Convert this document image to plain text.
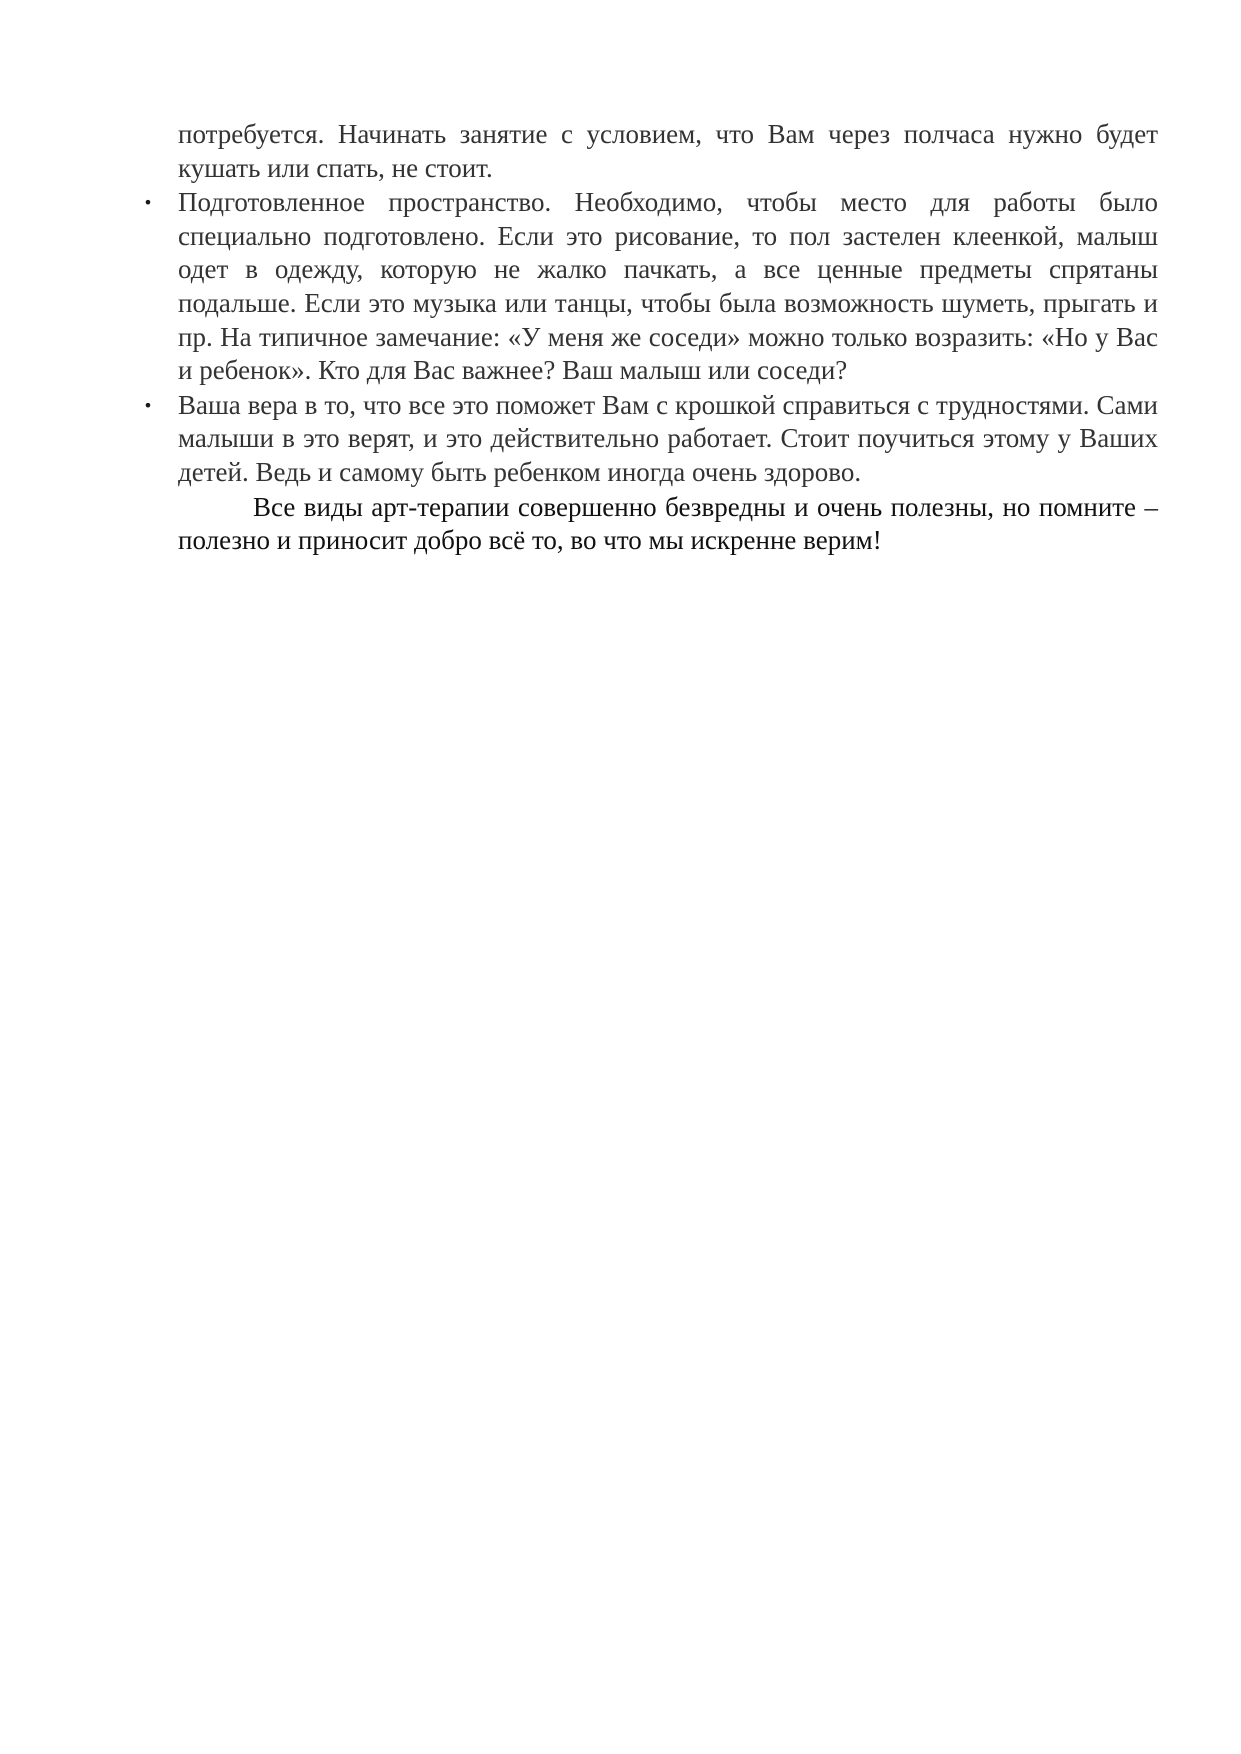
потребуется. Начинать занятие с условием, что Вам через полчаса нужно будет кушать или спать, не стоит.

• Подготовленное пространство. Необходимо, чтобы место для работы было специально подготовлено. Если это рисование, то пол застелен клеенкой, малыш одет в одежду, которую не жалко пачкать, а все ценные предметы спрятаны подальше. Если это музыка или танцы, чтобы была возможность шуметь, прыгать и пр. На типичное замечание: «У меня же соседи» можно только возразить: «Но у Вас и ребенок». Кто для Вас важнее? Ваш малыш или соседи?

• Ваша вера в то, что все это поможет Вам с крошкой справиться с трудностями. Сами малыши в это верят, и это действительно работает. Стоит поучиться этому у Ваших детей. Ведь и самому быть ребенком иногда очень здорово.

Все виды арт-терапии совершенно безвредны и очень полезны, но помните – полезно и приносит добро всё то, во что мы искренне верим!
